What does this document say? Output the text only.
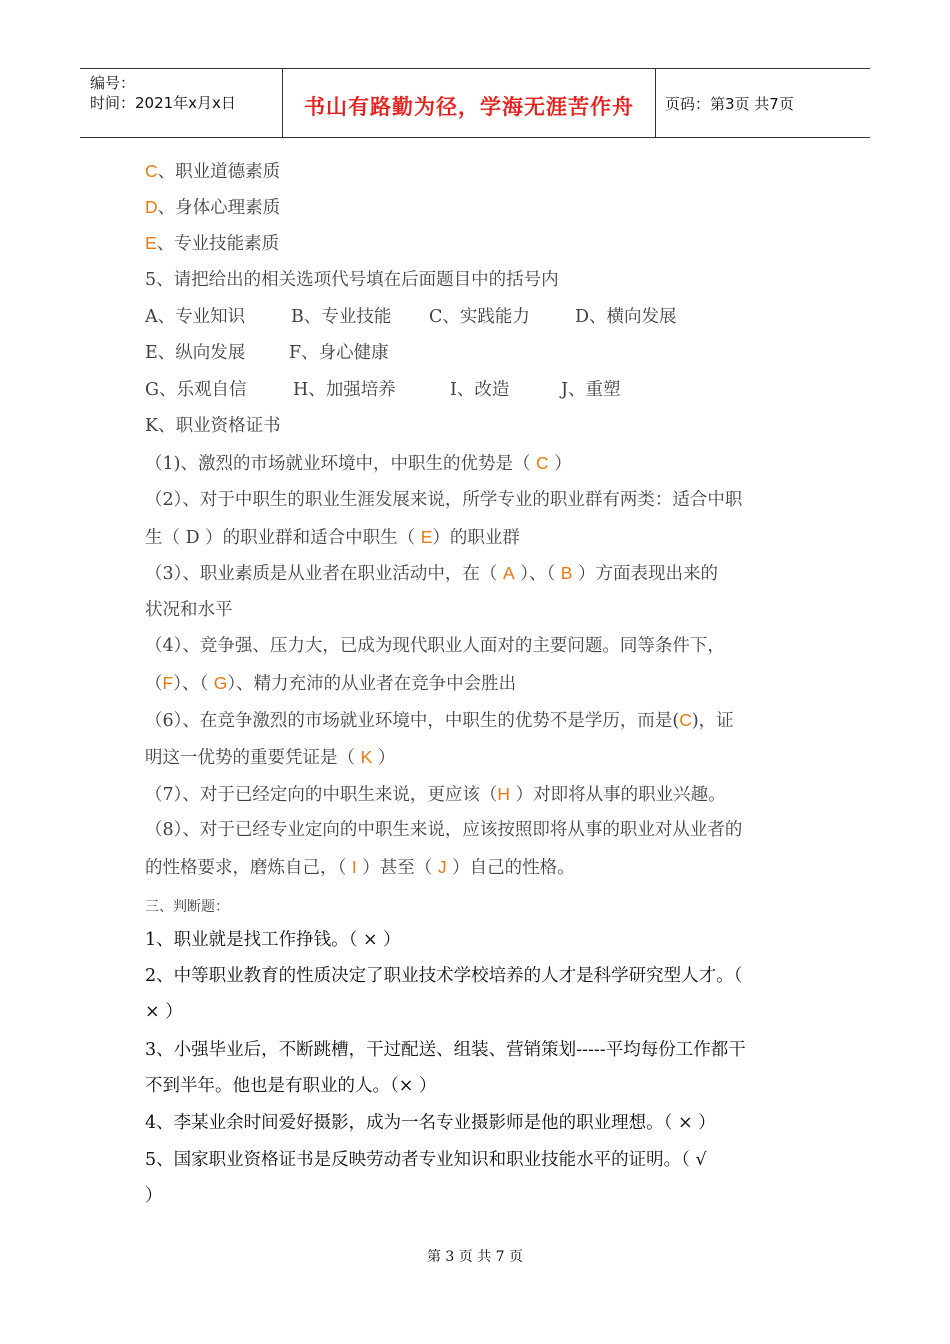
编号：
时间：2021年x月x日	书山有路勤为径，学海无涯苦作舟	页码：第3页 共7页
C、职业道德素质
D、身体心理素质
E、专业技能素质
5、请把给出的相关选项代号填在后面题目中的括号内
A、专业知识	B、专业技能 C、实践能力	D、横向发展
E、纵向发展 F、身心健康
G、乐观自信	H、加强培养	I、改造	J、重塑
K、职业资格证书
（1)、激烈的市场就业环境中，中职生的优势是（ C ）
（2）、对于中职生的职业生涯发展来说，所学专业的职业群有两类：适合中职
生（ D ）的职业群和适合中职生（ E）的职业群
（3）、职业素质是从业者在职业活动中，在（ A ）、（ B ）方面表现出来的
状况和水平
（4）、竞争强、压力大，已成为现代职业人面对的主要问题。同等条件下，
（F）、（ G）、精力充沛的从业者在竞争中会胜出
（6）、在竞争激烈的市场就业环境中，中职生的优势不是学历，而是(C)，证
明这一优势的重要凭证是（ K ）
（7）、对于已经定向的中职生来说，更应该（H ）对即将从事的职业兴趣。
（8）、对于已经专业定向的中职生来说，应该按照即将从事的职业对从业者的
的性格要求，磨炼自己，（ I ）甚至（ J ）自己的性格。
三、判断题：
1、职业就是找工作挣钱。（ × ）
2、中等职业教育的性质决定了职业技术学校培养的人才是科学研究型人才。（
× ）
3、小强毕业后，不断跳槽，干过配送、组装、营销策划-----平均每份工作都干
不到半年。他也是有职业的人。（× ）
4、李某业余时间爱好摄影，成为一名专业摄影师是他的职业理想。（ × ）
5、国家职业资格证书是反映劳动者专业知识和职业技能水平的证明。（ √
）
第 3 页 共 7 页
